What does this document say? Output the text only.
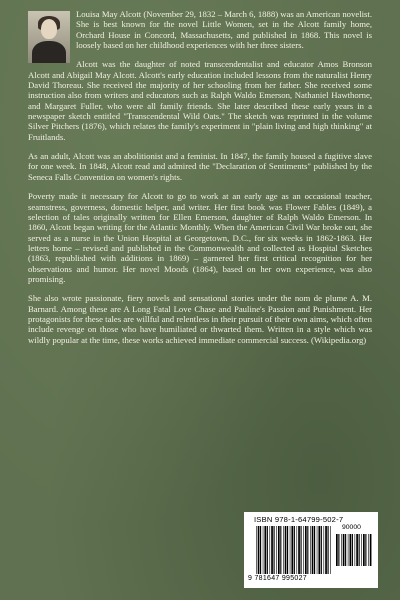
Louisa May Alcott (November 29, 1832 – March 6, 1888) was an American novelist. She is best known for the novel Little Women, set in the Alcott family home, Orchard House in Concord, Massachusetts, and published in 1868. This novel is loosely based on her childhood experiences with her three sisters.

Alcott was the daughter of noted transcendentalist and educator Amos Bronson Alcott and Abigail May Alcott. Alcott's early education included lessons from the naturalist Henry David Thoreau. She received the majority of her schooling from her father. She received some instruction also from writers and educators such as Ralph Waldo Emerson, Nathaniel Hawthorne, and Margaret Fuller, who were all family friends. She later described these early years in a newspaper sketch entitled "Transcendental Wild Oats." The sketch was reprinted in the volume Silver Pitchers (1876), which relates the family's experiment in "plain living and high thinking" at Fruitlands.

As an adult, Alcott was an abolitionist and a feminist. In 1847, the family housed a fugitive slave for one week. In 1848, Alcott read and admired the "Declaration of Sentiments" published by the Seneca Falls Convention on women's rights.

Poverty made it necessary for Alcott to go to work at an early age as an occasional teacher, seamstress, governess, domestic helper, and writer. Her first book was Flower Fables (1849), a selection of tales originally written for Ellen Emerson, daughter of Ralph Waldo Emerson. In 1860, Alcott began writing for the Atlantic Monthly. When the American Civil War broke out, she served as a nurse in the Union Hospital at Georgetown, D.C., for six weeks in 1862-1863. Her letters home – revised and published in the Commonwealth and collected as Hospital Sketches (1863, republished with additions in 1869) – garnered her first critical recognition for her observations and humor. Her novel Moods (1864), based on her own experience, was also promising.

She also wrote passionate, fiery novels and sensational stories under the nom de plume A. M. Barnard. Among these are A Long Fatal Love Chase and Pauline's Passion and Punishment. Her protagonists for these tales are willful and relentless in their pursuit of their own aims, which often include revenge on those who have humiliated or thwarted them. Written in a style which was wildly popular at the time, these works achieved immediate commercial success. (Wikipedia.org)

ISBN 978-1-64799-502-7
90000
9 781647 995027
